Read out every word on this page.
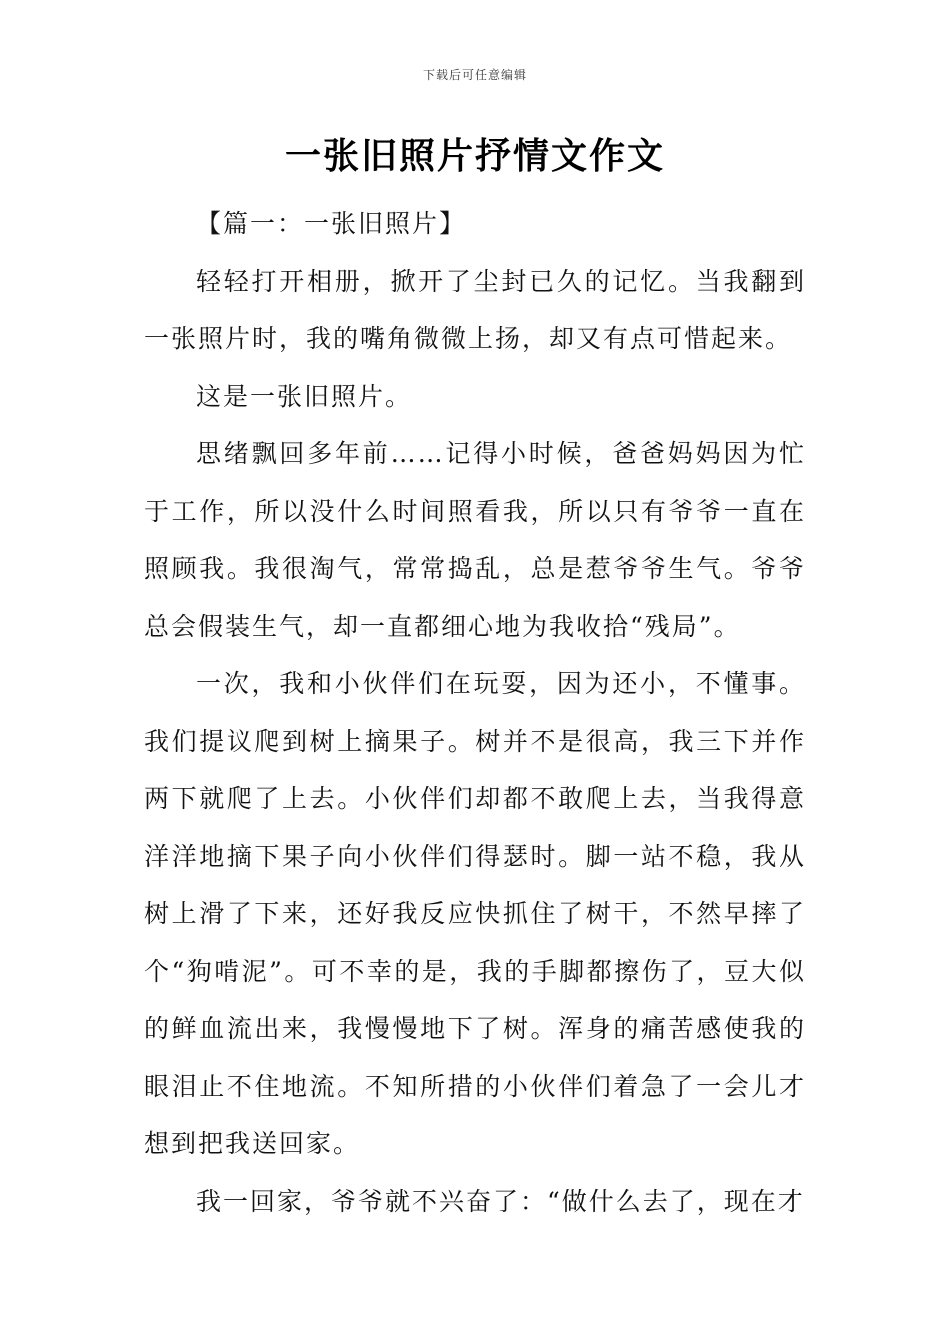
下载后可任意编辑
一张旧照片抒情文作文

【篇一：一张旧照片】

轻轻打开相册，掀开了尘封已久的记忆。当我翻到一张照片时，我的嘴角微微上扬，却又有点可惜起来。

这是一张旧照片。

思绪飘回多年前……记得小时候，爸爸妈妈因为忙于工作，所以没什么时间照看我，所以只有爷爷一直在照顾我。我很淘气，常常捣乱，总是惹爷爷生气。爷爷总会假装生气，却一直都细心地为我收拾“残局”。

一次，我和小伙伴们在玩耍，因为还小，不懂事。我们提议爬到树上摘果子。树并不是很高，我三下并作两下就爬了上去。小伙伴们却都不敢爬上去，当我得意洋洋地摘下果子向小伙伴们得瑟时。脚一站不稳，我从树上滑了下来，还好我反应快抓住了树干，不然早摔了个“狗啃泥”。可不幸的是，我的手脚都擦伤了，豆大似的鲜血流出来，我慢慢地下了树。浑身的痛苦感使我的眼泪止不住地流。不知所措的小伙伴们着急了一会儿才想到把我送回家。

我一回家，爷爷就不兴奋了：“做什么去了，现在才
